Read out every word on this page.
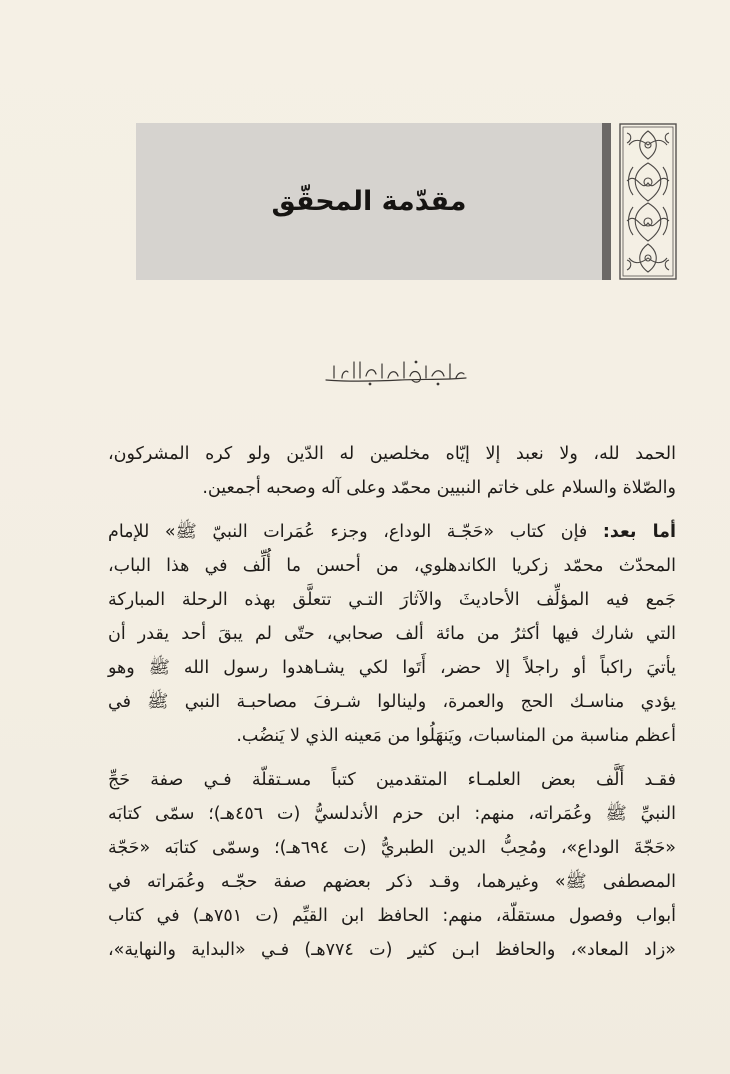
مقدّمة المحقّق

الحمد لله، ولا نعبد إلا إيّاه مخلصين له الدّين ولو كره المشركون،
والصّلاة والسلام على خاتم النبيين محمّد وعلى آله وصحبه أجمعين.

أما بعد: فإن كتاب «حَجّـة الوداع، وجزء عُمَرات النبيّ ﷺ» للإمام
المحدّث محمّد زكريا الكاندهلوي، من أحسن ما أُلِّف في هذا الباب،
جَمع فيه المؤلِّف الأحاديثَ والآثارَ التـي تتعلَّق بهذه الرحلة المباركة
التي شارك فيها أكثرُ من مائة ألف صحابي، حتّى لم يبقَ أحد يقدر أن
يأتيَ راكباً أو راجلاً إلا حضر، أَتَوا لكي يشـاهدوا رسول الله ﷺ وهو
يؤدي مناسـك الحج والعمرة، ولينالوا شـرفَ مصاحبـة النبي ﷺ في
أعظم مناسبة من المناسبات، ويَنهَلُوا من مَعينه الذي لا يَنضُب.

فقـد أَلَّف بعض العلمـاء المتقدمين كتباً مسـتقلّة فـي صفة حَجِّ
النبيِّ ﷺ وعُمَراته، منهم: ابن حزم الأندلسيُّ (ت ٤٥٦هـ)؛ سمّى كتابَه
«حَجّةَ الوداع»، ومُحِبُّ الدين الطبريُّ (ت ٦٩٤هـ)؛ وسمّى كتابَه «حَجّة
المصطفى ﷺ» وغيرهما، وقـد ذكر بعضهم صفة حجّـه وعُمَراته في
أبواب وفصول مستقلّة، منهم: الحافظ ابن القيِّم (ت ٧٥١هـ) في كتاب
«زاد المعاد»، والحافظ ابـن كثير (ت ٧٧٤هـ) فـي «البداية والنهاية»،
